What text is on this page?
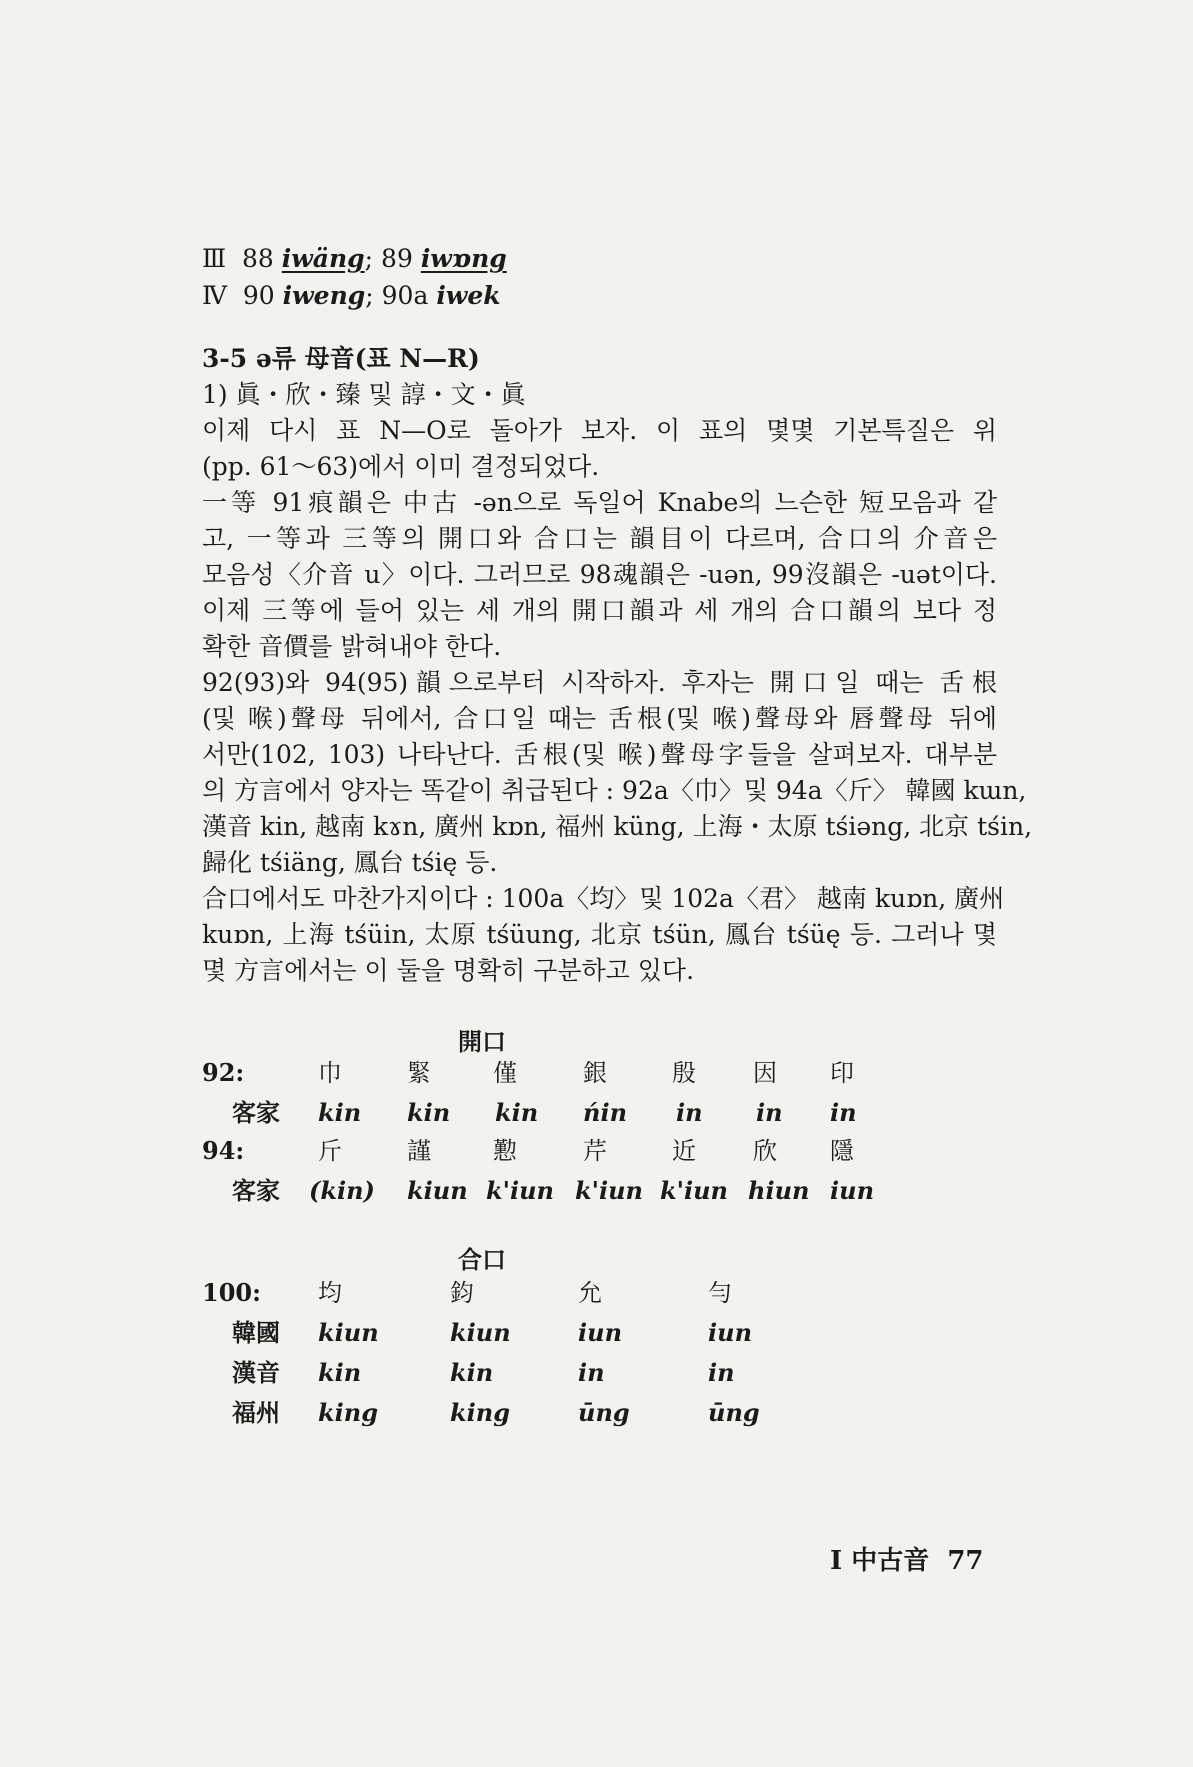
Ⅲ 88 iwäng; 89 iwɒng
Ⅳ 90 iweng; 90a iwek
3-5 ə류 母音(표 N—R)
1) 眞・欣・臻 및 諄・文・眞
이제 다시 표 N—O로 돌아가 보자. 이 표의 몇몇 기본특질은 위
(pp. 61～63)에서 이미 결정되었다.
一等 91痕韻은 中古 -ən으로 독일어 Knabe의 느슨한 短모음과 같
고, 一等과 三等의 開口와 合口는 韻目이 다르며, 合口의 介音은
모음성〈介音 u〉이다. 그러므로 98魂韻은 -uən, 99沒韻은 -uət이다.
이제 三等에 들어 있는 세 개의 開口韻과 세 개의 合口韻의 보다 정
확한 音價를 밝혀내야 한다.
92(93)와 94(95)韻으로부터 시작하자. 후자는 開口일 때는 舌根
(및 喉)聲母 뒤에서, 合口일 때는 舌根(및 喉)聲母와 唇聲母 뒤에
서만(102, 103) 나타난다. 舌根(및 喉)聲母字들을 살펴보자. 대부분
의 方言에서 양자는 똑같이 취급된다 : 92a〈巾〉및 94a〈斤〉 韓國 kɯn,
漢音 kin, 越南 kɤn, 廣州 kɒn, 福州 küng, 上海・太原 tśiəng, 北京 tśin,
歸化 tśiäng, 鳳台 tśię 등.
合口에서도 마찬가지이다 : 100a〈均〉및 102a〈君〉 越南 kuɒn, 廣州
kuɒn, 上海 tśüin, 太原 tśüung, 北京 tśün, 鳳台 tśüę 등. 그러나 몇
몇 方言에서는 이 둘을 명확히 구분하고 있다.
開口
92:	巾	緊	僅	銀	殷 因 印
客家 kin kin kin ńin in in in
94:	斤	謹	懃	芹	近 欣 隱
客家 (kin) kiun k'iun k'iun k'iun hiun iun
合口
100: 均	鈞	允	勻
韓國 kiun	kiun	iun	iun
漢音 kin	kin	in	in
福州 king	king	ūng	ūng
I 中古音 77
